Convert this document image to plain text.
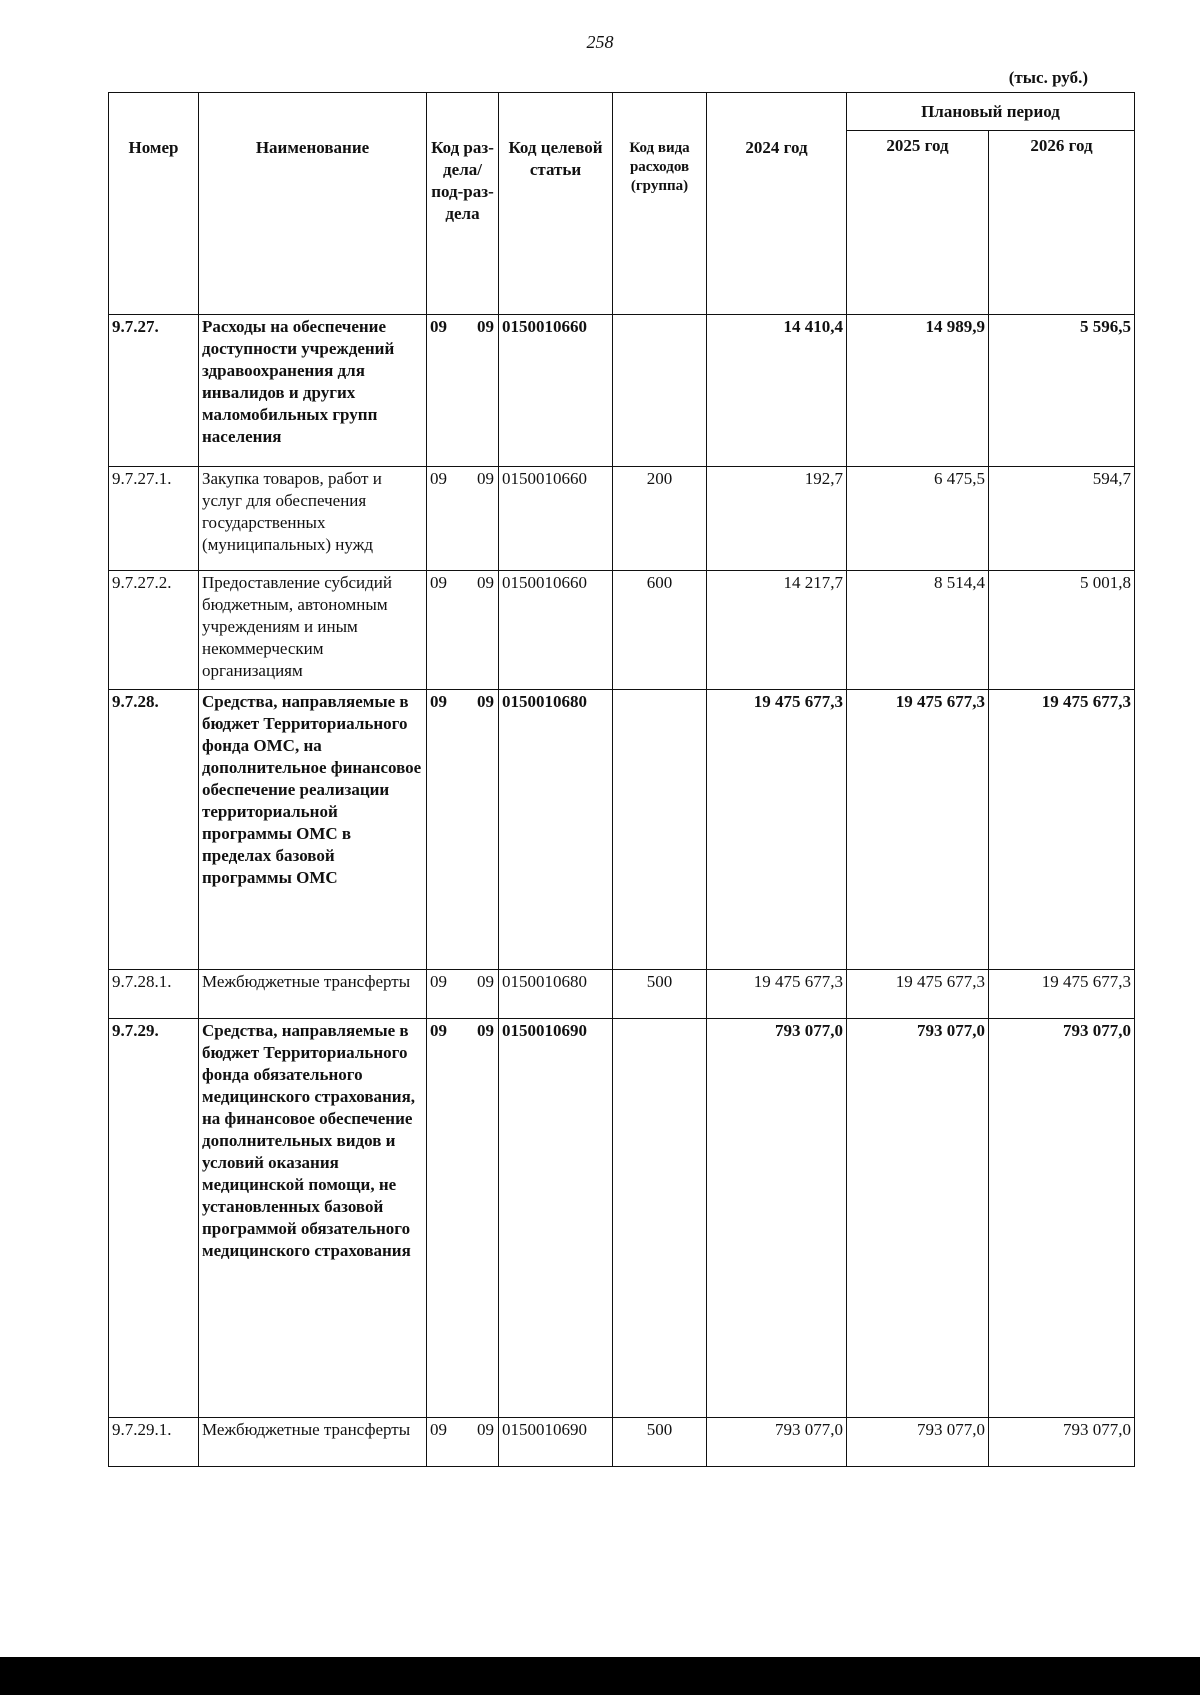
258
(тыс. руб.)
Номер	Наименование	Код раз-дела/ под-раз-дела	Код целевой статьи	Код вида расходов (группа)	2024 год	Плановый период	
						2025 год	2026 год
9.7.27.	Расходы на обеспечение доступности учреждений здравоохранения для инвалидов и других маломобильных групп населения	09 09	0150010660		14 410,4	14 989,9	5 596,5
9.7.27.1.	Закупка товаров, работ и услуг для обеспечения государственных (муниципальных) нужд	09 09	0150010660	200	192,7	6 475,5	594,7
9.7.27.2.	Предоставление субсидий бюджетным, автономным учреждениям и иным некоммерческим организациям	09 09	0150010660	600	14 217,7	8 514,4	5 001,8
9.7.28.	Средства, направляемые в бюджет Территориального фонда ОМС, на дополнительное финансовое обеспечение реализации территориальной программы ОМС в пределах базовой программы ОМС	09 09	0150010680		19 475 677,3	19 475 677,3	19 475 677,3
9.7.28.1.	Межбюджетные трансферты	09 09	0150010680	500	19 475 677,3	19 475 677,3	19 475 677,3
9.7.29.	Средства, направляемые в бюджет Территориального фонда обязательного медицинского страхования, на финансовое обеспечение дополнительных видов и условий оказания медицинской помощи, не установленных базовой программой обязательного медицинского страхования	09 09	0150010690		793 077,0	793 077,0	793 077,0
9.7.29.1.	Межбюджетные трансферты	09 09	0150010690	500	793 077,0	793 077,0	793 077,0
